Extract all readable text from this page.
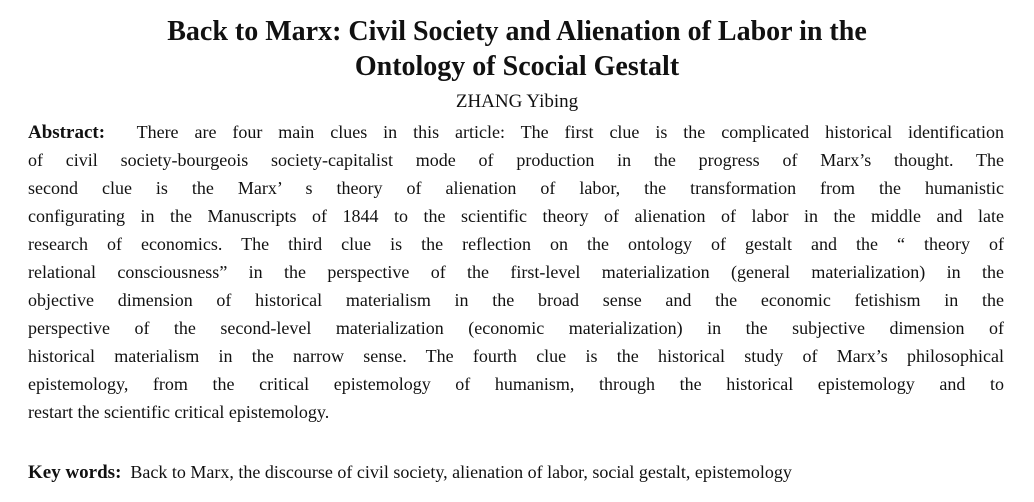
Back to Marx: Civil Society and Alienation of Labor in the
Ontology of Scocial Gestalt
ZHANG Yibing
Abstract: There are four main clues in this article: The first clue is the complicated historical identification
of civil society-bourgeois society-capitalist mode of production in the progress of Marx’s thought. The
second clue is the Marx’ s theory of alienation of labor, the transformation from the humanistic
configurating in the Manuscripts of 1844 to the scientific theory of alienation of labor in the middle and late
research of economics. The third clue is the reflection on the ontology of gestalt and the “ theory of
relational consciousness” in the perspective of the first-level materialization (general materialization) in the
objective dimension of historical materialism in the broad sense and the economic fetishism in the
perspective of the second-level materialization (economic materialization) in the subjective dimension of
historical materialism in the narrow sense. The fourth clue is the historical study of Marx’s philosophical
epistemology, from the critical epistemology of humanism, through the historical epistemology and to
restart the scientific critical epistemology.
Key words: Back to Marx, the discourse of civil society, alienation of labor, social gestalt, epistemology
